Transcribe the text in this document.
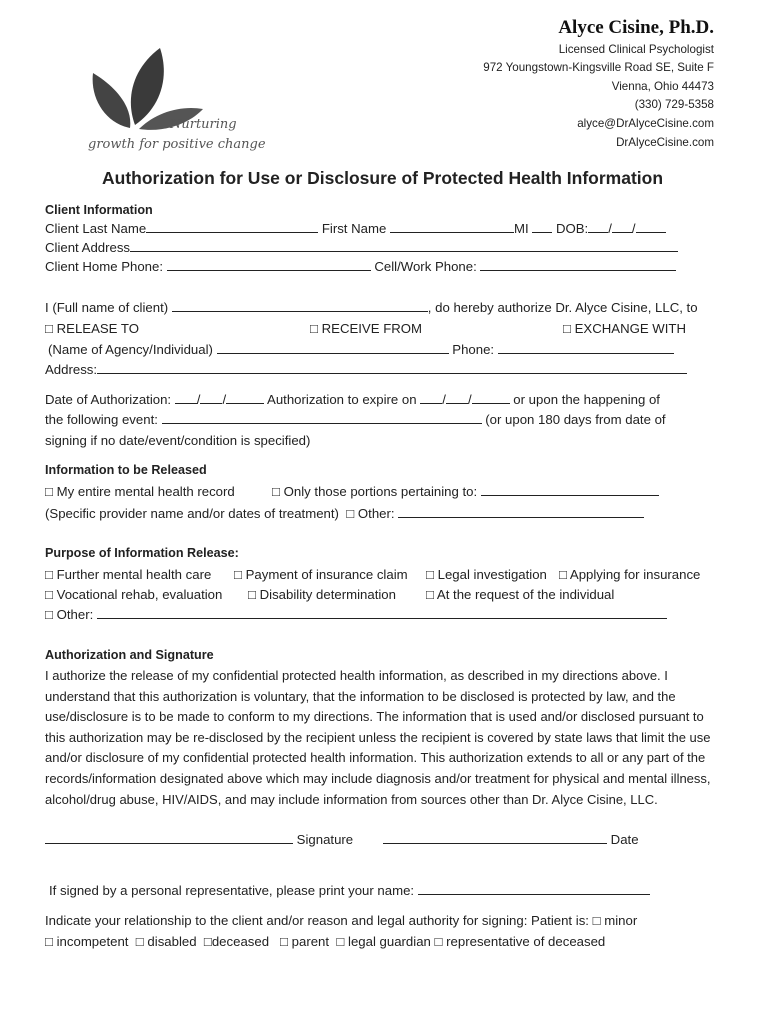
Nurturing
growth for positive change
Alyce Cisine, Ph.D.
Licensed Clinical Psychologist
972 Youngstown-Kingsville Road SE, Suite F
Vienna, Ohio 44473
(330) 729-5358
alyce@DrAlyceCisine.com
DrAlyceCisine.com
Authorization for Use or Disclosure of Protected Health Information
Client Information
Client Last Name	First Name	MI DOB: / /
Client Address
Client Home Phone:	Cell/Work Phone:
I (Full name of client)	, do hereby authorize Dr. Alyce Cisine, LLC, to
□ RELEASE TO	□ RECEIVE FROM	□ EXCHANGE WITH
(Name of Agency/Individual)	Phone:
Address:
Date of Authorization: / /	Authorization to expire on / /	or upon the happening of
the following event:	(or upon 180 days from date of
signing if no date/event/condition is specified)
Information to be Released
□ My entire mental health record	□ Only those portions pertaining to:
(Specific provider name and/or dates of treatment) □ Other:
Purpose of Information Release:
□ Further mental health care □ Payment of insurance claim □ Legal investigation □ Applying for insurance
□ Vocational rehab, evaluation □ Disability determination □ At the request of the individual
□ Other:
Authorization and Signature
I authorize the release of my confidential protected health information, as described in my directions above. I understand that this authorization is voluntary, that the information to be disclosed is protected by law, and the use/disclosure is to be made to conform to my directions. The information that is used and/or disclosed pursuant to this authorization may be re-disclosed by the recipient unless the recipient is covered by state laws that limit the use and/or disclosure of my confidential protected health information. This authorization extends to all or any part of the records/information designated above which may include diagnosis and/or treatment for physical and mental illness, alcohol/drug abuse, HIV/AIDS, and may include information from sources other than Dr. Alyce Cisine, LLC.
Signature	Date
If signed by a personal representative, please print your name:
Indicate your relationship to the client and/or reason and legal authority for signing: Patient is: □ minor
□ incompetent  □ disabled  □deceased   □ parent  □ legal guardian □ representative of deceased
